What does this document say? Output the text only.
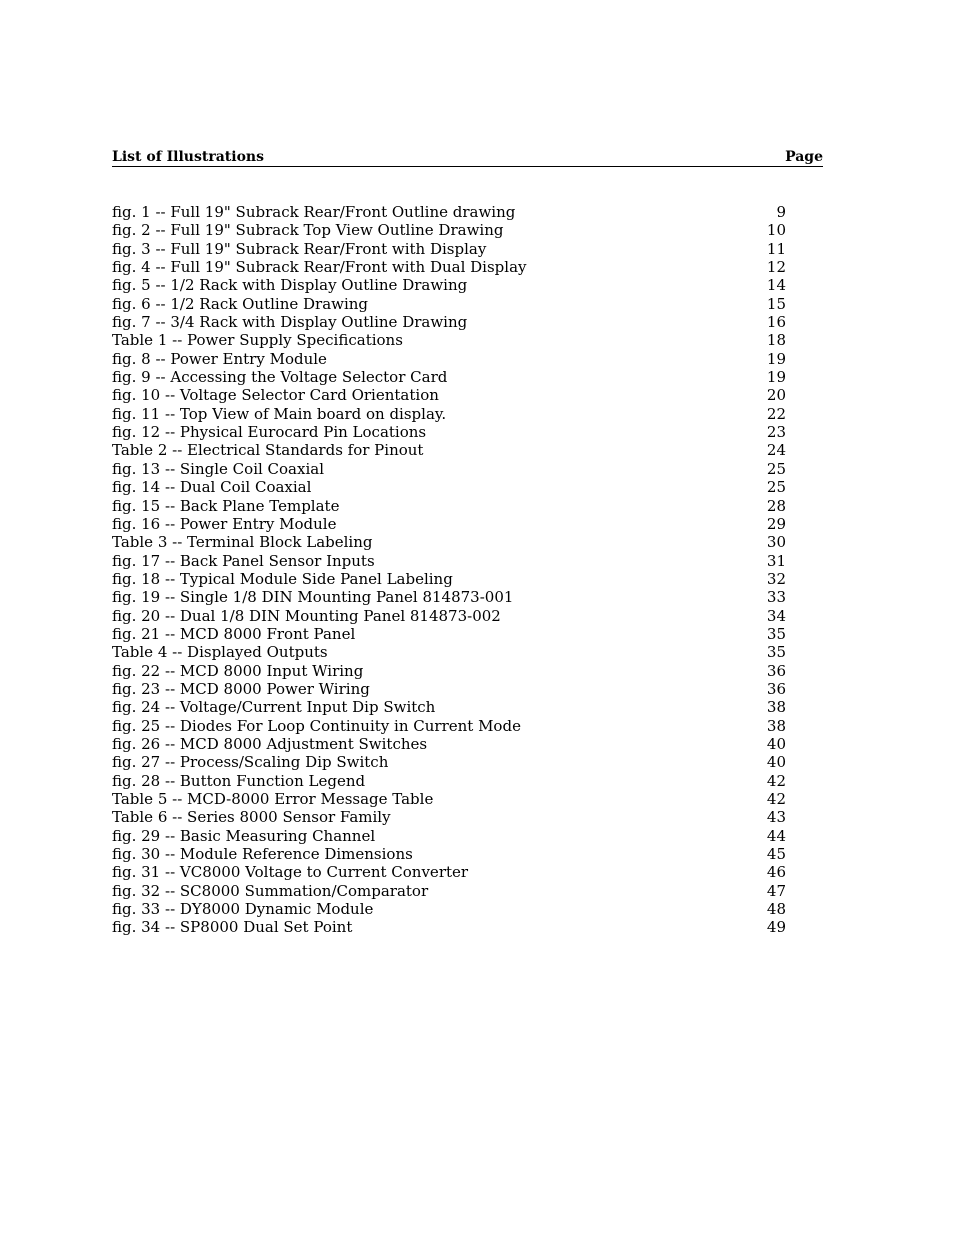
List of Illustrations	Page
fig. 1 -- Full 19" Subrack Rear/Front Outline drawing	9
fig. 2 -- Full 19" Subrack Top View Outline Drawing	10
fig. 3 -- Full 19" Subrack Rear/Front with Display	11
fig. 4 -- Full 19" Subrack Rear/Front with Dual Display	12
fig. 5 -- 1/2 Rack with Display Outline Drawing	14
fig. 6 -- 1/2 Rack Outline Drawing	15
fig. 7 -- 3/4 Rack with Display Outline Drawing	16
Table 1 -- Power Supply Specifications	18
fig. 8 -- Power Entry Module	19
fig. 9 -- Accessing the Voltage Selector Card	19
fig. 10 -- Voltage Selector Card Orientation	20
fig. 11 -- Top View of Main board on display.	22
fig. 12 -- Physical Eurocard Pin Locations	23
Table 2 -- Electrical Standards for Pinout	24
fig. 13 -- Single Coil Coaxial	25
fig. 14 -- Dual Coil Coaxial	25
fig. 15 -- Back Plane Template	28
fig. 16 -- Power Entry Module	29
Table 3 -- Terminal Block Labeling	30
fig. 17 -- Back Panel Sensor Inputs	31
fig. 18 -- Typical Module Side Panel Labeling	32
fig. 19 -- Single 1/8 DIN Mounting Panel 814873-001	33
fig. 20 -- Dual 1/8 DIN Mounting Panel 814873-002	34
fig. 21 -- MCD 8000 Front Panel	35
Table 4 -- Displayed Outputs	35
fig. 22 -- MCD 8000 Input Wiring	36
fig. 23 -- MCD 8000 Power Wiring	36
fig. 24 -- Voltage/Current Input Dip Switch	38
fig. 25 -- Diodes For Loop Continuity in Current Mode	38
fig. 26 -- MCD 8000 Adjustment Switches	40
fig. 27 -- Process/Scaling Dip Switch	40
fig. 28 -- Button Function Legend	42
Table 5 -- MCD-8000 Error Message Table	42
Table 6 -- Series 8000 Sensor Family	43
fig. 29 -- Basic Measuring Channel	44
fig. 30 -- Module Reference Dimensions	45
fig. 31 -- VC8000 Voltage to Current Converter	46
fig. 32 -- SC8000 Summation/Comparator	47
fig. 33 -- DY8000 Dynamic Module	48
fig. 34 -- SP8000 Dual Set Point	49
